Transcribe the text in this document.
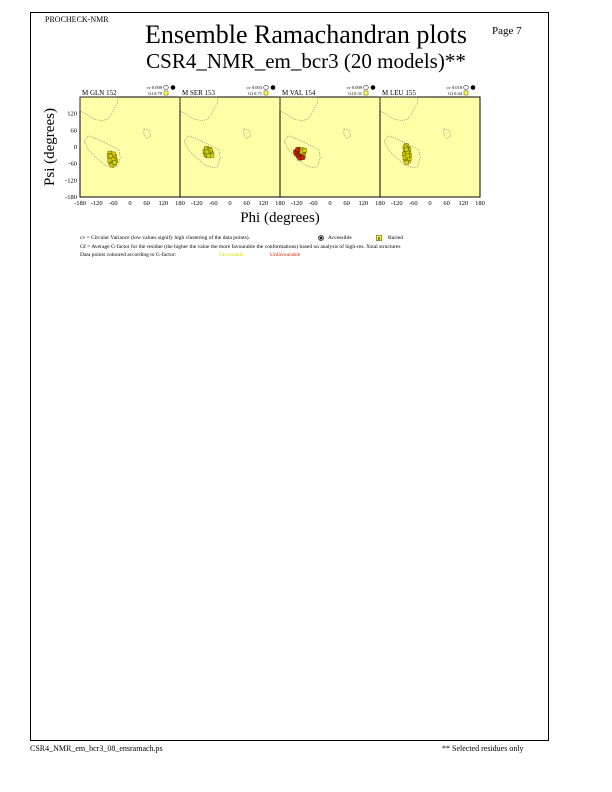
PROCHECK-NMR
Page 7
Ensemble Ramachandran plots
CSR4_NMR_em_bcr3 (20 models)**
Phi (degrees)
Psi (degrees)
M GLN 152
cv 0.009
Gf 0.79	M SER 153
cv 0.003
Gf 0.71	M VAL 154
cv 0.009
Gf 0.31	M LEU 155
cv 0.018
Gf 0.44
-180 -120 -60 0 60 120 180 -120 -60 0 60 120 180 -120 -60 0 60 120 180 -120 -60 0 60 120 180
120
60
0
-60
-120
-180
cv = Circular Variance (low values signify high clustering of the data points).	Accessible	B Buried
Gf = Average G-factor for the residue (the higher the value the more favourable the conformations) based on analysis of high-res. Xstal structures
Data points coloured according to G-factor:	Favourable	Unfavourable
CSR4_NMR_em_bcr3_08_ensramach.ps	** Selected residues only
